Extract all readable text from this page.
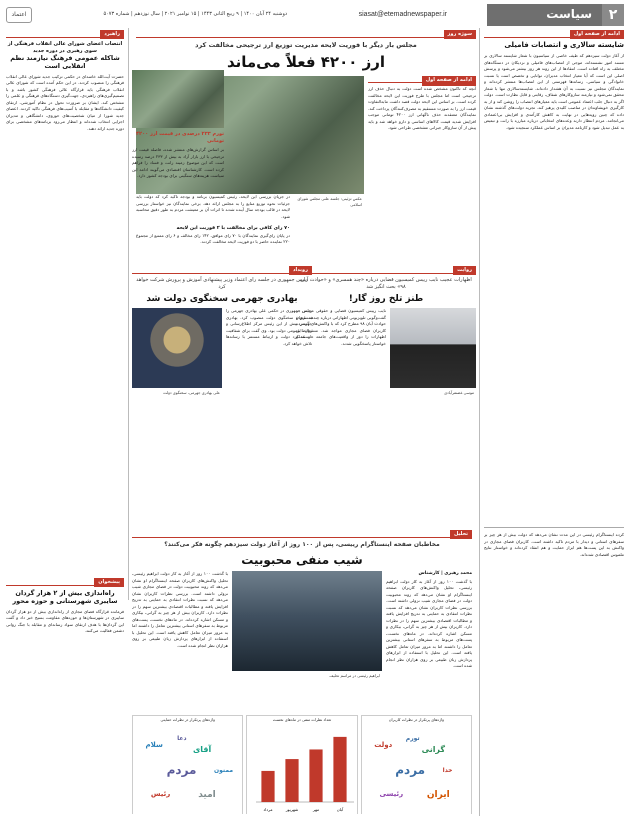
۲
سیاست
siasat@etemadnewspaper.ir
دوشنبه ۲۴ آبان ۱۴۰۰ | ۹ ربیع الثانی ۱۴۴۳ | ۱۵ نوامبر ۲۰۲۱ | سال نوزدهم | شماره ۵۰۷۳
اعتماد
ادامه از صفحه اول
شایسته سالاری و انتصابات فامیلی
از آغاز دولت سیزدهم که طیف خاصی از سیاسیون با شعار شایسته سالاری بر مسند امور نشسته‌اند، موجی از انتصاب‌های فامیلی و نزدیکان در دستگاه‌های مختلف به راه افتاده است. انتقادها از این روند هر روز بیشتر می‌شود و پرسش اصلی این است که آیا معیار انتخاب مدیران، توانایی و تخصص است یا نسبت خانوادگی و سیاسی. رسانه‌ها فهرستی از این انتصاب‌ها منتشر کرده‌اند و نمایندگان مجلس نیز نسبت به آن هشدار داده‌اند. شایسته‌سالاری تنها با شعار محقق نمی‌شود و نیازمند سازوکارهای شفاف، رقابتی و قابل نظارت است. دولت اگر به دنبال جلب اعتماد عمومی است باید معیارهای انتصاب را روشن کند و از به کارگیری خویشاوندان در مناصب کلیدی پرهیز کند. تجربه دولت‌های گذشته نشان داده که چنین رویه‌هایی در نهایت به کاهش کارآمدی و افزایش بی‌اعتمادی می‌انجامد. مردم انتظار دارند وعده‌های انتخاباتی درباره مبارزه با رانت و تبعیض به عمل تبدیل شود و کارنامه مدیران بر اساس عملکرد سنجیده شود.
کرده‌ اینستاگرام رئیسی در این مدت نشان می‌دهد که دولت بیش از هر چیز بر سفرهای استانی و دیدار با مردم تاکید داشته است. کاربران فضای مجازی در واکنش به این پست‌ها هم ابراز حمایت و هم انتقاد کرده‌اند و خواستار نتایج ملموس اقتصادی شده‌اند.
سوژه روز
مجلس بار دیگر با فوریت لایحه مدیریت توزیع ارز ترجیحی مخالفت کرد
ارز ۴۲۰۰ فعلاً می‌ماند
ادامه از صفحه اول
آنچه که تاکنون مشخص شده است دولت به دنبال حذف ارز ترجیحی است اما مجلس با طرح فوریت این لایحه مخالفت کرده است. بر اساس این لایحه دولت قصد داشت مابه‌التفاوت قیمت ارز را به صورت مستقیم به مصرف‌کنندگان پرداخت کند. نمایندگان معتقدند حذف ناگهانی ارز ۴۲۰۰ تومانی موجب افزایش شدید قیمت کالاهای اساسی و دارو خواهد شد و باید پیش از آن سازوکار جبرانی مشخصی طراحی شود.
عکس تزئینی: جلسه علنی مجلس شورای اسلامی
در جریان بررسی این لایحه، رئیس کمیسیون برنامه و بودجه تاکید کرد که دولت باید جزئیات نحوه توزیع منابع را به مجلس ارائه دهد. برخی نمایندگان نیز خواستار بررسی لایحه در قالب بودجه سال آینده شدند تا اثرات آن بر معیشت مردم به طور دقیق محاسبه شود.
۷۰ رای کافی برای مخالفت با ۲ فوریت این لایحه
در پایان رای‌گیری نمایندگان با ۷۰ رای موافق، ۱۴۲ رای مخالف و ۶ رای ممتنع از مجموع ۲۲۰ نماینده حاضر با دو فوریت لایحه مخالفت کردند.
تورم ۲۳۳ درصدی در قیمت ارز ۴۲۰۰ تومانی
بر اساس گزارش‌های منتشر شده، فاصله قیمت ارز ترجیحی با ارز بازار آزاد به بیش از ۲۳۳ درصد رسیده است که این موضوع زمینه رانت و فساد را فراهم کرده است. کارشناسان اقتصادی می‌گویند ادامه این سیاست هزینه‌های سنگینی برای بودجه کشور دارد.
راهبرد
انتصاب اعضای شورای عالی انقلاب فرهنگی از سوی رهبری در دوره جدید
شاکله عمومی فرهنگ نیازمند نظم انقلابی است
حضرت آیت‌الله خامنه‌ای در حکمی ترکیب جدید شورای عالی انقلاب فرهنگی را منصوب کردند. در این حکم آمده است که شورای عالی انقلاب فرهنگی باید قرارگاه عالی فرهنگی کشور باشد و با تصمیم‌گیری‌های راهبردی، جهت‌گیری دستگاه‌های فرهنگی و علمی را مشخص کند. ایشان بر ضرورت تحول در نظام آموزشی، ارتقای کیفیت دانشگاه‌ها و مقابله با آسیب‌های فرهنگی تاکید کردند. اعضای جدید شورا از میان شخصیت‌های حوزوی، دانشگاهی و مدیران اجرایی انتخاب شده‌اند و انتظار می‌رود برنامه‌های مشخصی برای دوره جدید ارائه دهند.
پیشخوان
راه‌اندازی بیش از ۲ هزار گردان سایبری شهرستانی و حوزه محور
فرمانده قرارگاه فضای مجازی از راه‌اندازی بیش از دو هزار گردان سایبری در شهرستان‌ها و حوزه‌های مقاومت بسیج خبر داد و گفت این گردان‌ها با هدف ارتقای سواد رسانه‌ای و مقابله با جنگ روانی دشمن فعالیت می‌کنند.
رویداد
رییس جمهوری در جلسه رای اعتماد وزیر پیشنهادی آموزش و پرورش شرکت خواهد کرد
بهادری جهرمی سخنگوی دولت شد
رییس جمهوری در حکمی علی بهادری جهرمی را به عنوان سخنگوی دولت منصوب کرد. بهادری جهرمی پیش از این رئیس مرکز اطلاع‌رسانی و روابط عمومی دولت بود. وی گفت برای شفافیت در عملکرد دولت و ارتباط مستمر با رسانه‌ها تلاش خواهد کرد.
علی بهادری جهرمی، سخنگوی دولت
روایت
اظهارات عجیب نایب رییس کمیسیون قضایی درباره «چند همسری» و «حوادث آبان ۹۸» بحث انگیز شد
طنز تلخ روز گار!
موسی غضنفرآبادی
نایب رییس کمیسیون قضایی و حقوقی مجلس در گفت‌وگویی تلویزیونی اظهاراتی درباره چندهمسری و حوادث آبان ۹۸ مطرح کرد که با واکنش‌های گسترده کاربران فضای مجازی مواجه شد. منتقدان این اظهارات را دور از واقعیت‌های جامعه دانستند و خواستار پاسخگویی شدند.
تحلیل
مخاطبان صفحه اینستاگرام رییسی، پس از ۱۰۰ روز از آغاز دولت سیزدهم چگونه فکر می‌کنند؟
شیب منفی محبوبیت
محمد رهبری | کارشناس
با گذشت ۱۰۰ روز از آغاز به کار دولت ابراهیم رئیسی، تحلیل واکنش‌های کاربران صفحه اینستاگرام او نشان می‌دهد که روند محبوبیت دولت در فضای مجازی شیب نزولی داشته است. بررسی نظرات کاربران نشان می‌دهد که نسبت نظرات انتقادی به حمایتی به تدریج افزایش یافته و مطالبات اقتصادی بیشترین سهم را در نظرات دارد. کاربران بیش از هر چیز به گرانی، بیکاری و مسکن اشاره کرده‌اند. در ماه‌های نخست، پست‌های مربوط به سفرهای استانی بیشترین تعامل را داشتند اما به مرور میزان تعامل کاهش یافته است. این تحلیل با استفاده از ابزارهای پردازش زبان طبیعی بر روی هزاران نظر انجام شده است.
ابراهیم رئیسی در مراسم تحلیف
با گذشت ۱۰۰ روز از آغاز به کار دولت ابراهیم رئیسی، تحلیل واکنش‌های کاربران صفحه اینستاگرام او نشان می‌دهد که روند محبوبیت دولت در فضای مجازی شیب نزولی داشته است. بررسی نظرات کاربران نشان می‌دهد که نسبت نظرات انتقادی به حمایتی به تدریج افزایش یافته و مطالبات اقتصادی بیشترین سهم را در نظرات دارد. کاربران بیش از هر چیز به گرانی، بیکاری و مسکن اشاره کرده‌اند. در ماه‌های نخست، پست‌های مربوط به سفرهای استانی بیشترین تعامل را داشتند اما به مرور میزان تعامل کاهش یافته است. این تحلیل با استفاده از ابزارهای پردازش زبان طبیعی بر روی هزاران نظر انجام شده است.
واژه‌های پرتکرار در نظرات کاربران
مردم
دولت
گرانی
رئیسی	ایران
تورم
خدا
تعداد نظرات منفی در ماه‌های نخست
مرداد	شهریور	مهر	آبان
واژه‌های پرتکرار در نظرات حمایتی
مردم
سلام
آقای
رئیس	امید
دعا
ممنون
